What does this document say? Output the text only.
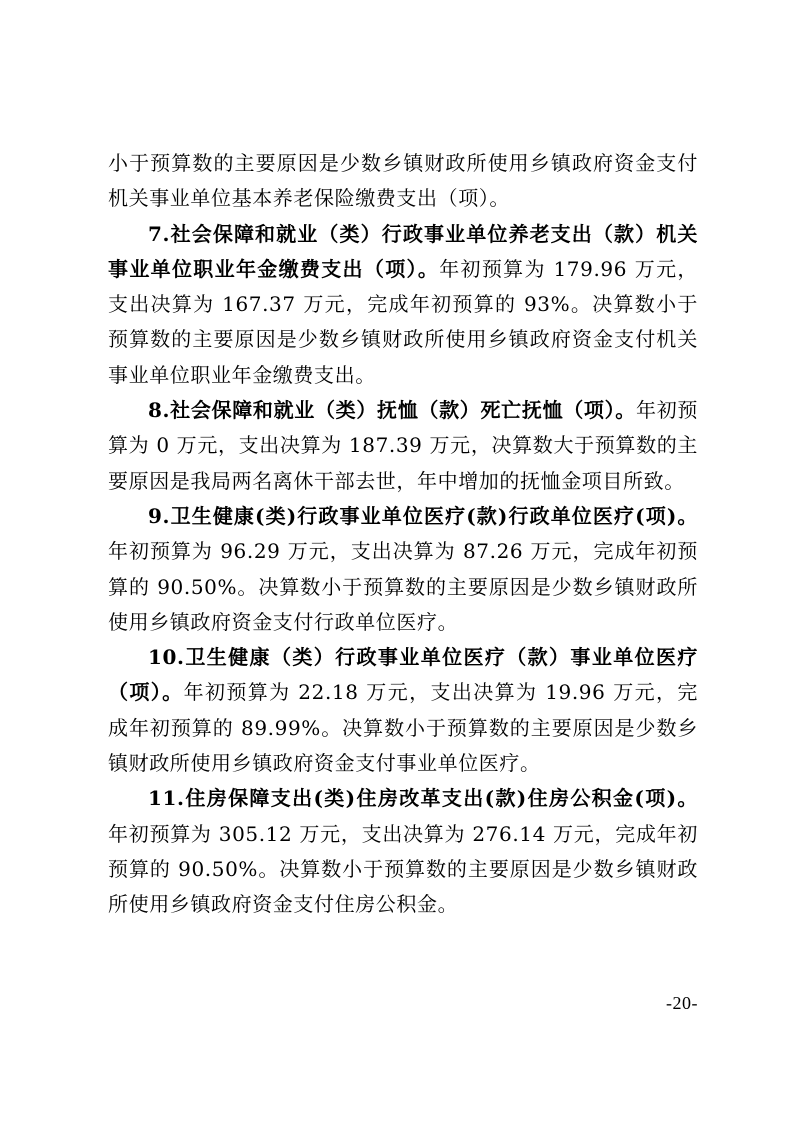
小于预算数的主要原因是少数乡镇财政所使用乡镇政府资金支付机关事业单位基本养老保险缴费支出（项）。

7.社会保障和就业（类）行政事业单位养老支出（款）机关事业单位职业年金缴费支出（项）。年初预算为 179.96 万元，支出决算为 167.37 万元，完成年初预算的 93%。决算数小于预算数的主要原因是少数乡镇财政所使用乡镇政府资金支付机关事业单位职业年金缴费支出。

8.社会保障和就业（类）抚恤（款）死亡抚恤（项）。年初预算为 0 万元，支出决算为 187.39 万元，决算数大于预算数的主要原因是我局两名离休干部去世，年中增加的抚恤金项目所致。

9.卫生健康(类)行政事业单位医疗(款)行政单位医疗(项)。年初预算为 96.29 万元，支出决算为 87.26 万元，完成年初预算的 90.50%。决算数小于预算数的主要原因是少数乡镇财政所使用乡镇政府资金支付行政单位医疗。

10.卫生健康（类）行政事业单位医疗（款）事业单位医疗（项）。年初预算为 22.18 万元，支出决算为 19.96 万元，完成年初预算的 89.99%。决算数小于预算数的主要原因是少数乡镇财政所使用乡镇政府资金支付事业单位医疗。

11.住房保障支出(类)住房改革支出(款)住房公积金(项)。年初预算为 305.12 万元，支出决算为 276.14 万元，完成年初预算的 90.50%。决算数小于预算数的主要原因是少数乡镇财政所使用乡镇政府资金支付住房公积金。

-20-
